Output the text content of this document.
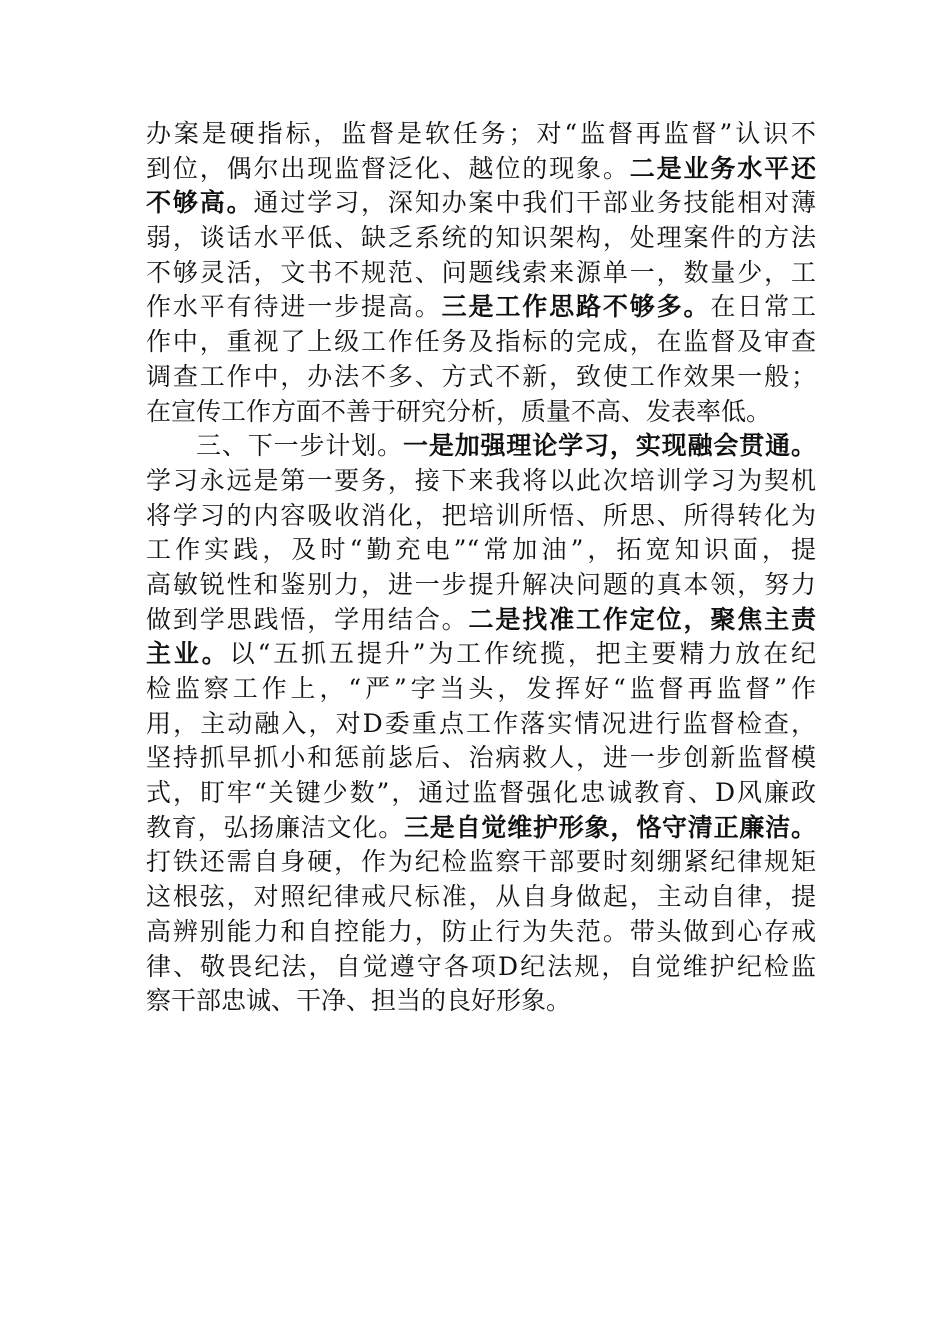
办案是硬指标，监督是软任务；对“监督再监督”认识不
到位，偶尔出现监督泛化、越位的现象。二是业务水平还
不够高。通过学习，深知办案中我们干部业务技能相对薄
弱，谈话水平低、缺乏系统的知识架构，处理案件的方法
不够灵活，文书不规范、问题线索来源单一，数量少，工
作水平有待进一步提高。三是工作思路不够多。在日常工
作中，重视了上级工作任务及指标的完成，在监督及审查
调查工作中，办法不多、方式不新，致使工作效果一般；
在宣传工作方面不善于研究分析，质量不高、发表率低。
三、下一步计划。一是加强理论学习，实现融会贯通。
学习永远是第一要务，接下来我将以此次培训学习为契机
将学习的内容吸收消化，把培训所悟、所思、所得转化为
工作实践，及时“勤充电”“常加油”，拓宽知识面，提
高敏锐性和鉴别力，进一步提升解决问题的真本领，努力
做到学思践悟，学用结合。二是找准工作定位，聚焦主责
主业。以“五抓五提升”为工作统揽，把主要精力放在纪
检监察工作上，“严”字当头，发挥好“监督再监督”作
用，主动融入，对D委重点工作落实情况进行监督检查，
坚持抓早抓小和惩前毖后、治病救人，进一步创新监督模
式，盯牢“关键少数”，通过监督强化忠诚教育、D风廉政
教育，弘扬廉洁文化。三是自觉维护形象，恪守清正廉洁。
打铁还需自身硬，作为纪检监察干部要时刻绷紧纪律规矩
这根弦，对照纪律戒尺标准，从自身做起，主动自律，提
高辨别能力和自控能力，防止行为失范。带头做到心存戒
律、敬畏纪法，自觉遵守各项D纪法规，自觉维护纪检监
察干部忠诚、干净、担当的良好形象。
